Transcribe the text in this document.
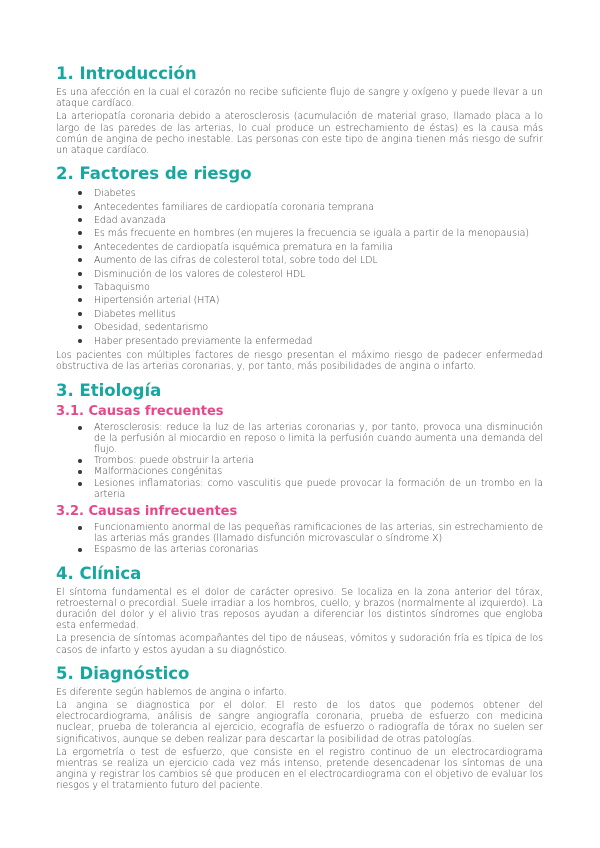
1. Introducción

Es una afección en la cual el corazón no recibe suficiente flujo de sangre y oxígeno y puede llevar a un ataque cardíaco.

La arteriopatía coronaria debido a aterosclerosis (acumulación de material graso, llamado placa a lo largo de las paredes de las arterias, lo cual produce un estrechamiento de éstas) es la causa más común de angina de pecho inestable. Las personas con este tipo de angina tienen más riesgo de sufrir un ataque cardíaco.

2. Factores de riesgo
Diabetes
Antecedentes familiares de cardiopatía coronaria temprana
Edad avanzada
Es más frecuente en hombres (en mujeres la frecuencia se iguala a partir de la menopausia)
Antecedentes de cardiopatía isquémica prematura en la familia
Aumento de las cifras de colesterol total, sobre todo del LDL
Disminución de los valores de colesterol HDL
Tabaquismo
Hipertensión arterial (HTA)
Diabetes mellitus
Obesidad, sedentarismo
Haber presentado previamente la enfermedad

Los pacientes con múltiples factores de riesgo presentan el máximo riesgo de padecer enfermedad obstructiva de las arterias coronarias, y, por tanto, más posibilidades de angina o infarto.

3. Etiología
3.1. Causas frecuentes
Aterosclerosis: reduce la luz de las arterias coronarias y, por tanto, provoca una disminución de la perfusión al miocardio en reposo o limita la perfusión cuando aumenta una demanda del flujo.
Trombos: puede obstruir la arteria
Malformaciones congénitas
Lesiones inflamatorias: como vasculitis que puede provocar la formación de un trombo en la arteria
3.2. Causas infrecuentes
Funcionamiento anormal de las pequeñas ramificaciones de las arterias, sin estrechamiento de las arterias más grandes (llamado disfunción microvascular o síndrome X)
Espasmo de las arterias coronarias
4. Clínica

El síntoma fundamental es el dolor de carácter opresivo. Se localiza en la zona anterior del tórax, retroesternal o precordial. Suele irradiar a los hombros, cuello, y brazos (normalmente al izquierdo). La duración del dolor y el alivio tras reposos ayudan a diferenciar los distintos síndromes que engloba esta enfermedad.

La presencia de síntomas acompañantes del tipo de náuseas, vómitos y sudoración fría es típica de los casos de infarto y estos ayudan a su diagnóstico.

5. Diagnóstico

Es diferente según hablemos de angina o infarto.

La angina se diagnostica por el dolor. El resto de los datos que podemos obtener del electrocardiograma, análisis de sangre angiografía coronaria, prueba de esfuerzo con medicina nuclear, prueba de tolerancia al ejercicio, ecografía de esfuerzo o radiografía de tórax no suelen ser significativos, aunque se deben realizar para descartar la posibilidad de otras patologías.

La ergometría o test de esfuerzo, que consiste en el registro continuo de un electrocardiograma mientras se realiza un ejercicio cada vez más intenso, pretende desencadenar los síntomas de una angina y registrar los cambios sé que producen en el electrocardiograma con el objetivo de evaluar los riesgos y el tratamiento futuro del paciente.
